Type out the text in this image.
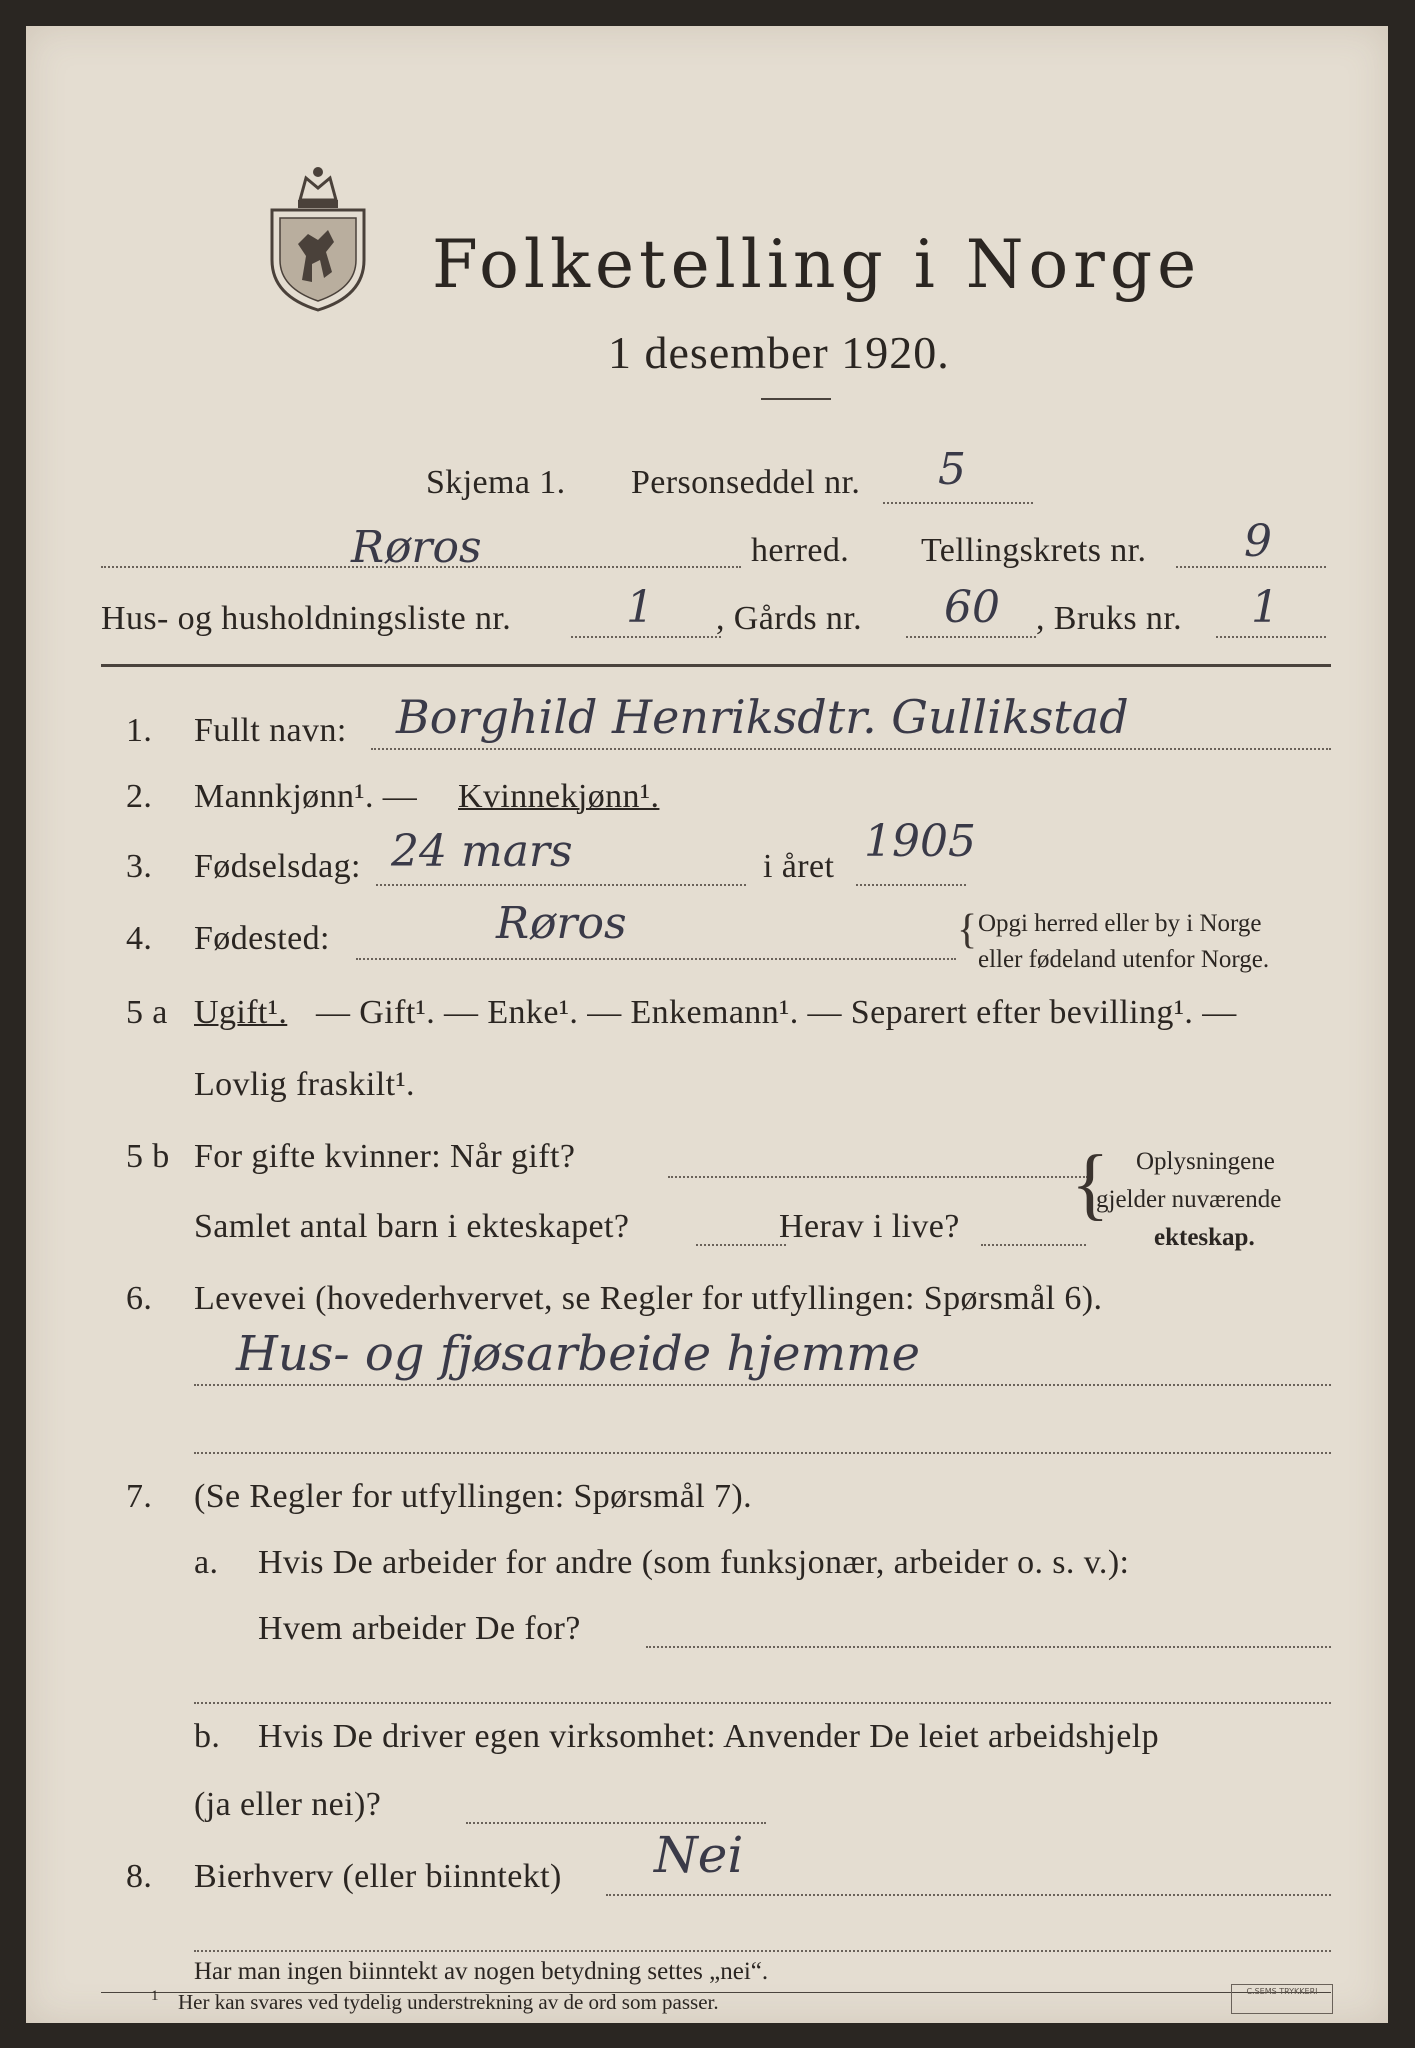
Folketelling i Norge
1 desember 1920.
Skjema 1. Personseddel nr. 5
Røros	herred. Tellingskrets nr. 9
Hus- og husholdningsliste nr.	1 , Gårds nr. 60 , Bruks nr. 1
1. Fullt navn: Borghild Henriksdtr. Gullikstad
2. Mannkjønn¹. — Kvinnekjønn¹.
3. Fødselsdag: 24 mars	i året 1905
4. Fødested:	Røros	{ Opgi herred eller by i Norge
eller fødeland utenfor Norge.
5 a Ugift¹. — Gift¹. — Enke¹. — Enkemann¹. — Separert efter bevilling¹. —
Lovlig fraskilt¹.
5 b For gifte kvinner: Når gift?
Samlet antal barn i ekteskapet?	Herav i live? { Oplysningene
gjelder nuværende
ekteskap.
6. Levevei (hovederhvervet, se Regler for utfyllingen: Spørsmål 6).
Hus- og fjøsarbeide hjemme
7. (Se Regler for utfyllingen: Spørsmål 7).
a. Hvis De arbeider for andre (som funksjonær, arbeider o. s. v.):
Hvem arbeider De for?
b. Hvis De driver egen virksomhet: Anvender De leiet arbeidshjelp
(ja eller nei)?
8. Bierhverv (eller biinntekt) Nei
Har man ingen biinntekt av nogen betydning settes „nei“.
1 Her kan svares ved tydelig understrekning av de ord som passer.	C.SEMS TRYKKERI
